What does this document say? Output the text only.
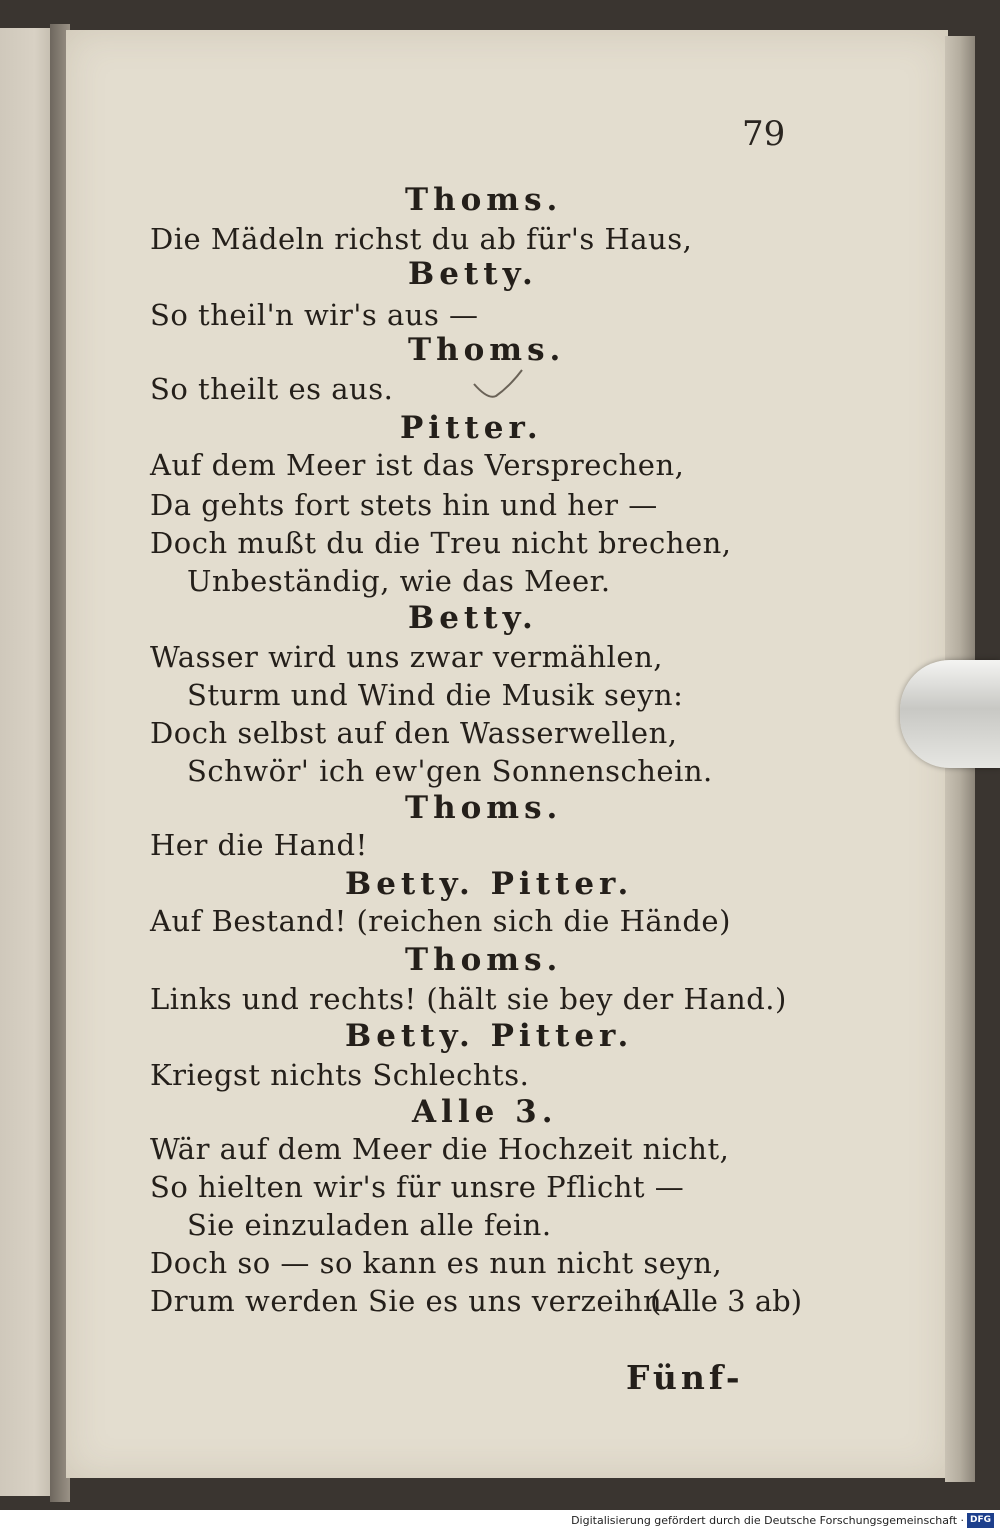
79
Thoms.
Die Mädeln richst du ab für's Haus,
Betty.
So theil'n wir's aus —
Thoms.
So theilt es aus.
Pitter.
Auf dem Meer ist das Versprechen,
Da gehts fort stets hin und her —
Doch mußt du die Treu nicht brechen,
Unbeständig, wie das Meer.
Betty.
Wasser wird uns zwar vermählen,
Sturm und Wind die Musik seyn:
Doch selbst auf den Wasserwellen,
Schwör' ich ew'gen Sonnenschein.
Thoms.
Her die Hand!
Betty. Pitter.
Auf Bestand! (reichen sich die Hände)
Thoms.
Links und rechts! (hält sie bey der Hand.)
Betty. Pitter.
Kriegst nichts Schlechts.
Alle 3.
Wär auf dem Meer die Hochzeit nicht,
So hielten wir's für unsre Pflicht —
Sie einzuladen alle fein.
Doch so — so kann es nun nicht seyn,
Drum werden Sie es uns verzeihn.
(Alle 3 ab)
Fünf-
Digitalisierung gefördert durch die Deutsche Forschungsgemeinschaft · DFG
